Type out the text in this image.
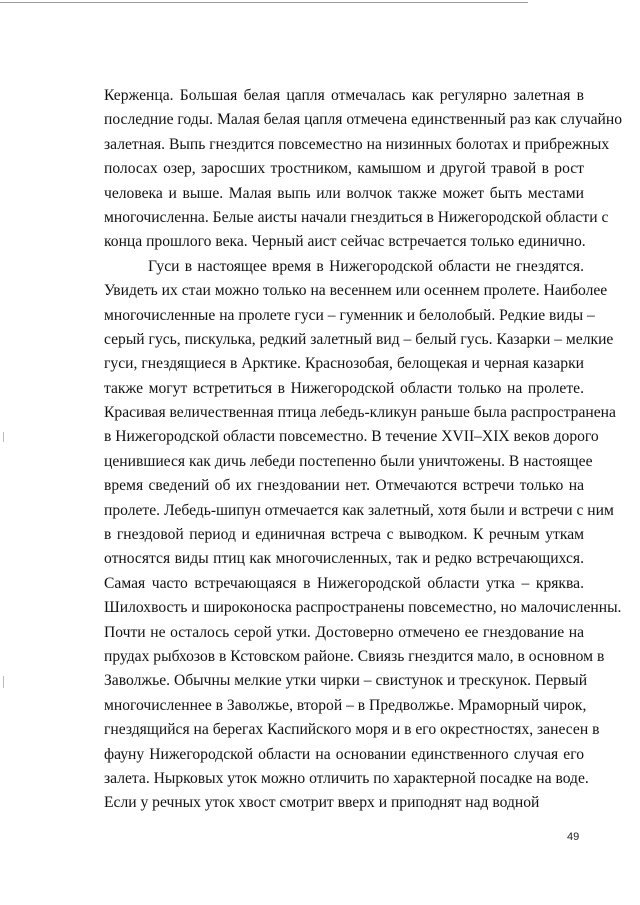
Керженца. Большая белая цапля отмечалась как регулярно залетная в
последние годы. Малая белая цапля отмечена единственный раз как случайно
залетная. Выпь гнездится повсеместно на низинных болотах и прибрежных
полосах озер, заросших тростником, камышом и другой травой в рост
человека и выше. Малая выпь или волчок также может быть местами
многочисленна. Белые аисты начали гнездиться в Нижегородской области с
конца прошлого века. Черный аист сейчас встречается только единично.
Гуси в настоящее время в Нижегородской области не гнездятся.
Увидеть их стаи можно только на весеннем или осеннем пролете. Наиболее
многочисленные на пролете гуси – гуменник и белолобый. Редкие виды –
серый гусь, пискулька, редкий залетный вид – белый гусь. Казарки – мелкие
гуси, гнездящиеся в Арктике. Краснозобая, белощекая и черная казарки
также могут встретиться в Нижегородской области только на пролете.
Красивая величественная птица лебедь-кликун раньше была распространена
в Нижегородской области повсеместно. В течение XVII–XIX веков дорого
ценившиеся как дичь лебеди постепенно были уничтожены. В настоящее
время сведений об их гнездовании нет. Отмечаются встречи только на
пролете. Лебедь-шипун отмечается как залетный, хотя были и встречи с ним
в гнездовой период и единичная встреча с выводком. К речным уткам
относятся виды птиц как многочисленных, так и редко встречающихся.
Самая часто встречающаяся в Нижегородской области утка – кряква.
Шилохвость и широконоска распространены повсеместно, но малочисленны.
Почти не осталось серой утки. Достоверно отмечено ее гнездование на
прудах рыбхозов в Кстовском районе. Свиязь гнездится мало, в основном в
Заволжье. Обычны мелкие утки чирки – свистунок и трескунок. Первый
многочисленнее в Заволжье, второй – в Предволжье. Мраморный чирок,
гнездящийся на берегах Каспийского моря и в его окрестностях, занесен в
фауну Нижегородской области на основании единственного случая его
залета. Нырковых уток можно отличить по характерной посадке на воде.
Если у речных уток хвост смотрит вверх и приподнят над водной
49
